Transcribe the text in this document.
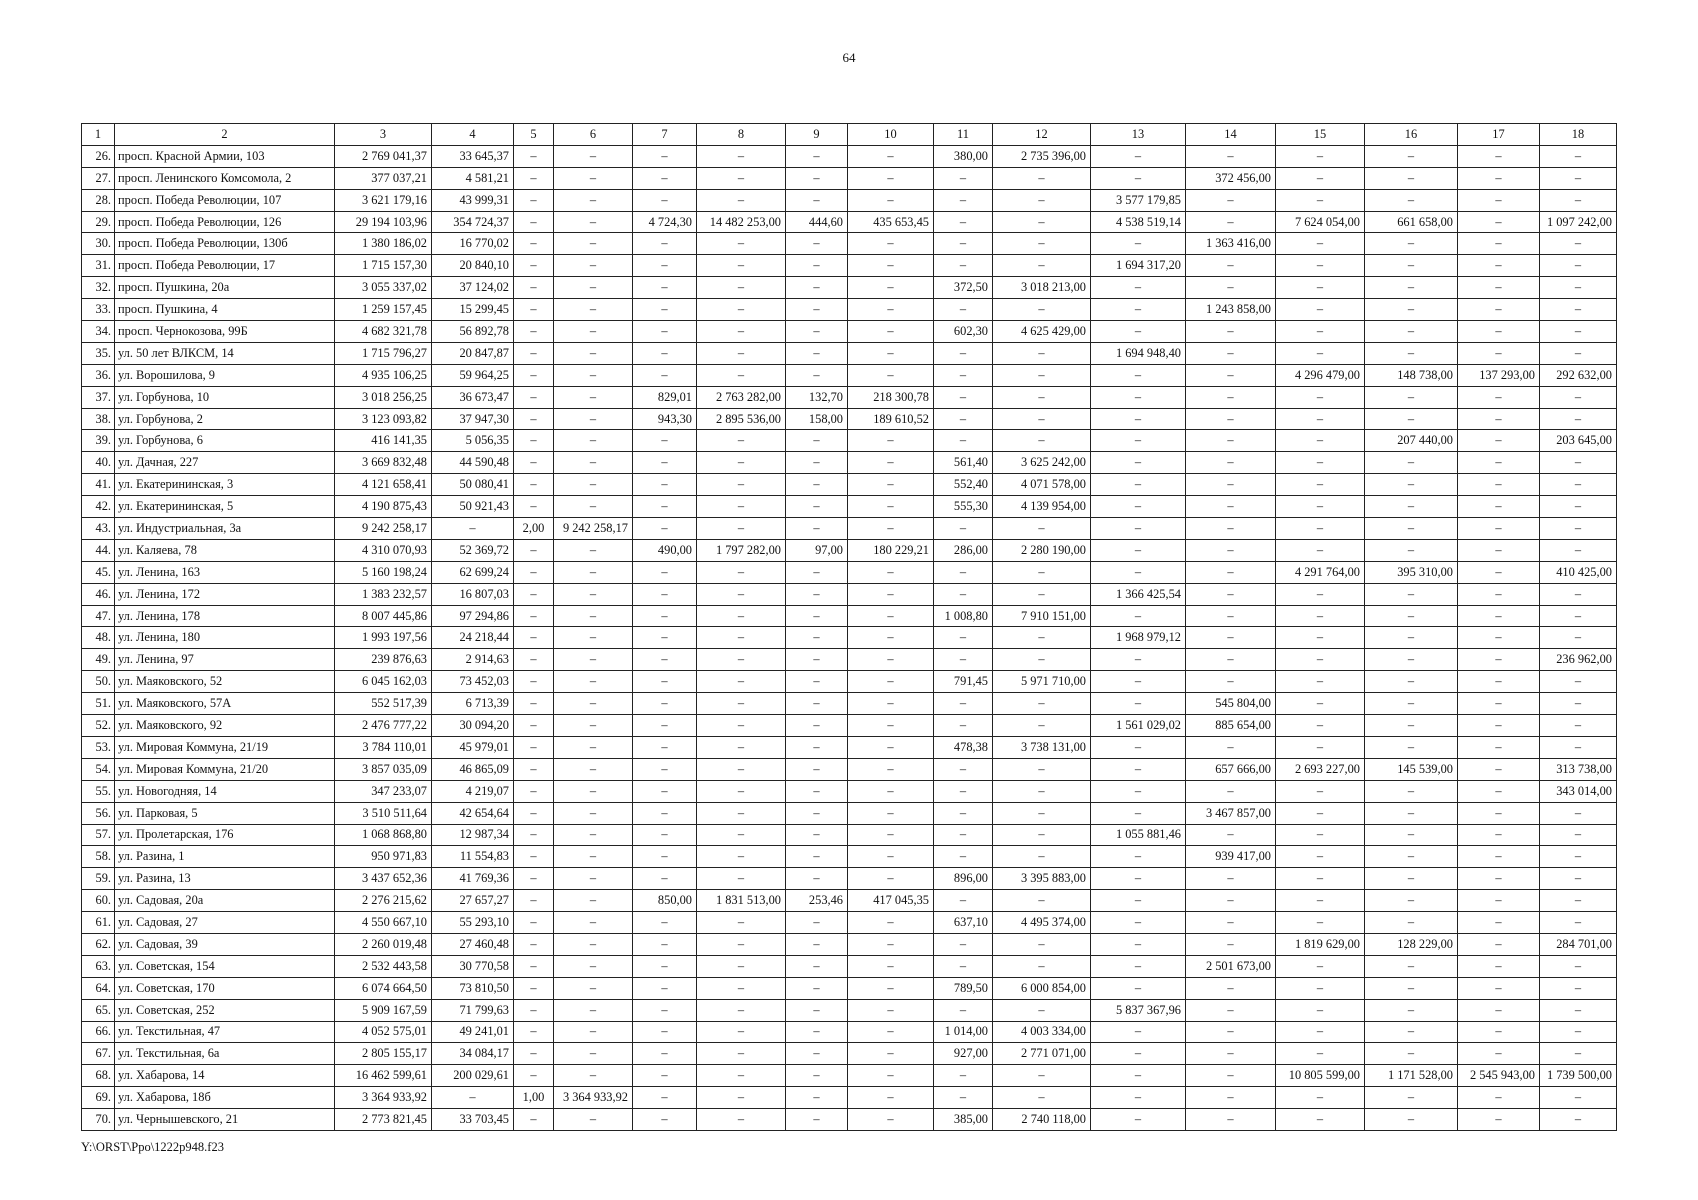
64
1	2	3	4	5	6	7	8	9	10	11	12	13	14	15	16	17	18
26.	просп. Красной Армии, 103	2 769 041,37	33 645,37	–	–	–	–	–	–	380,00	2 735 396,00	–	–	–	–	–	–
27.	просп. Ленинского Комсомола, 2	377 037,21	4 581,21	–	–	–	–	–	–	–	–	–	372 456,00	–	–	–	–
28.	просп. Победа Революции, 107	3 621 179,16	43 999,31	–	–	–	–	–	–	–	–	3 577 179,85	–	–	–	–	–
29.	просп. Победа Революции, 126	29 194 103,96	354 724,37	–	–	4 724,30	14 482 253,00	444,60	435 653,45	–	–	4 538 519,14	–	7 624 054,00	661 658,00	–	1 097 242,00
30.	просп. Победа Революции, 130б	1 380 186,02	16 770,02	–	–	–	–	–	–	–	–	–	1 363 416,00	–	–	–	–
31.	просп. Победа Революции, 17	1 715 157,30	20 840,10	–	–	–	–	–	–	–	–	1 694 317,20	–	–	–	–	–
32.	просп. Пушкина, 20а	3 055 337,02	37 124,02	–	–	–	–	–	–	372,50	3 018 213,00	–	–	–	–	–	–
33.	просп. Пушкина, 4	1 259 157,45	15 299,45	–	–	–	–	–	–	–	–	–	1 243 858,00	–	–	–	–
34.	просп. Чернокозова, 99Б	4 682 321,78	56 892,78	–	–	–	–	–	–	602,30	4 625 429,00	–	–	–	–	–	–
35.	ул. 50 лет ВЛКСМ, 14	1 715 796,27	20 847,87	–	–	–	–	–	–	–	–	1 694 948,40	–	–	–	–	–
36.	ул. Ворошилова, 9	4 935 106,25	59 964,25	–	–	–	–	–	–	–	–	–	–	4 296 479,00	148 738,00	137 293,00	292 632,00
37.	ул. Горбунова, 10	3 018 256,25	36 673,47	–	–	829,01	2 763 282,00	132,70	218 300,78	–	–	–	–	–	–	–	–
38.	ул. Горбунова, 2	3 123 093,82	37 947,30	–	–	943,30	2 895 536,00	158,00	189 610,52	–	–	–	–	–	–	–	–
39.	ул. Горбунова, 6	416 141,35	5 056,35	–	–	–	–	–	–	–	–	–	–	–	207 440,00	–	203 645,00
40.	ул. Дачная, 227	3 669 832,48	44 590,48	–	–	–	–	–	–	561,40	3 625 242,00	–	–	–	–	–	–
41.	ул. Екатерининская, 3	4 121 658,41	50 080,41	–	–	–	–	–	–	552,40	4 071 578,00	–	–	–	–	–	–
42.	ул. Екатерининская, 5	4 190 875,43	50 921,43	–	–	–	–	–	–	555,30	4 139 954,00	–	–	–	–	–	–
43.	ул. Индустриальная, 3а	9 242 258,17	–	2,00	9 242 258,17	–	–	–	–	–	–	–	–	–	–	–	–
44.	ул. Каляева, 78	4 310 070,93	52 369,72	–	–	490,00	1 797 282,00	97,00	180 229,21	286,00	2 280 190,00	–	–	–	–	–	–
45.	ул. Ленина, 163	5 160 198,24	62 699,24	–	–	–	–	–	–	–	–	–	–	4 291 764,00	395 310,00	–	410 425,00
46.	ул. Ленина, 172	1 383 232,57	16 807,03	–	–	–	–	–	–	–	–	1 366 425,54	–	–	–	–	–
47.	ул. Ленина, 178	8 007 445,86	97 294,86	–	–	–	–	–	–	1 008,80	7 910 151,00	–	–	–	–	–	–
48.	ул. Ленина, 180	1 993 197,56	24 218,44	–	–	–	–	–	–	–	–	1 968 979,12	–	–	–	–	–
49.	ул. Ленина, 97	239 876,63	2 914,63	–	–	–	–	–	–	–	–	–	–	–	–	–	236 962,00
50.	ул. Маяковского, 52	6 045 162,03	73 452,03	–	–	–	–	–	–	791,45	5 971 710,00	–	–	–	–	–	–
51.	ул. Маяковского, 57А	552 517,39	6 713,39	–	–	–	–	–	–	–	–	–	545 804,00	–	–	–	–
52.	ул. Маяковского, 92	2 476 777,22	30 094,20	–	–	–	–	–	–	–	–	1 561 029,02	885 654,00	–	–	–	–
53.	ул. Мировая Коммуна, 21/19	3 784 110,01	45 979,01	–	–	–	–	–	–	478,38	3 738 131,00	–	–	–	–	–	–
54.	ул. Мировая Коммуна, 21/20	3 857 035,09	46 865,09	–	–	–	–	–	–	–	–	–	657 666,00	2 693 227,00	145 539,00	–	313 738,00
55.	ул. Новогодняя, 14	347 233,07	4 219,07	–	–	–	–	–	–	–	–	–	–	–	–	–	343 014,00
56.	ул. Парковая, 5	3 510 511,64	42 654,64	–	–	–	–	–	–	–	–	–	3 467 857,00	–	–	–	–
57.	ул. Пролетарская, 176	1 068 868,80	12 987,34	–	–	–	–	–	–	–	–	1 055 881,46	–	–	–	–	–
58.	ул. Разина, 1	950 971,83	11 554,83	–	–	–	–	–	–	–	–	–	939 417,00	–	–	–	–
59.	ул. Разина, 13	3 437 652,36	41 769,36	–	–	–	–	–	–	896,00	3 395 883,00	–	–	–	–	–	–
60.	ул. Садовая, 20а	2 276 215,62	27 657,27	–	–	850,00	1 831 513,00	253,46	417 045,35	–	–	–	–	–	–	–	–
61.	ул. Садовая, 27	4 550 667,10	55 293,10	–	–	–	–	–	–	637,10	4 495 374,00	–	–	–	–	–	–
62.	ул. Садовая, 39	2 260 019,48	27 460,48	–	–	–	–	–	–	–	–	–	–	1 819 629,00	128 229,00	–	284 701,00
63.	ул. Советская, 154	2 532 443,58	30 770,58	–	–	–	–	–	–	–	–	–	2 501 673,00	–	–	–	–
64.	ул. Советская, 170	6 074 664,50	73 810,50	–	–	–	–	–	–	789,50	6 000 854,00	–	–	–	–	–	–
65.	ул. Советская, 252	5 909 167,59	71 799,63	–	–	–	–	–	–	–	–	5 837 367,96	–	–	–	–	–
66.	ул. Текстильная, 47	4 052 575,01	49 241,01	–	–	–	–	–	–	1 014,00	4 003 334,00	–	–	–	–	–	–
67.	ул. Текстильная, 6а	2 805 155,17	34 084,17	–	–	–	–	–	–	927,00	2 771 071,00	–	–	–	–	–	–
68.	ул. Хабарова, 14	16 462 599,61	200 029,61	–	–	–	–	–	–	–	–	–	–	10 805 599,00	1 171 528,00	2 545 943,00	1 739 500,00
69.	ул. Хабарова, 18б	3 364 933,92	–	1,00	3 364 933,92	–	–	–	–	–	–	–	–	–	–	–	–
70.	ул. Чернышевского, 21	2 773 821,45	33 703,45	–	–	–	–	–	–	385,00	2 740 118,00	–	–	–	–	–	–
Y:\ORST\Ppo\1222p948.f23
